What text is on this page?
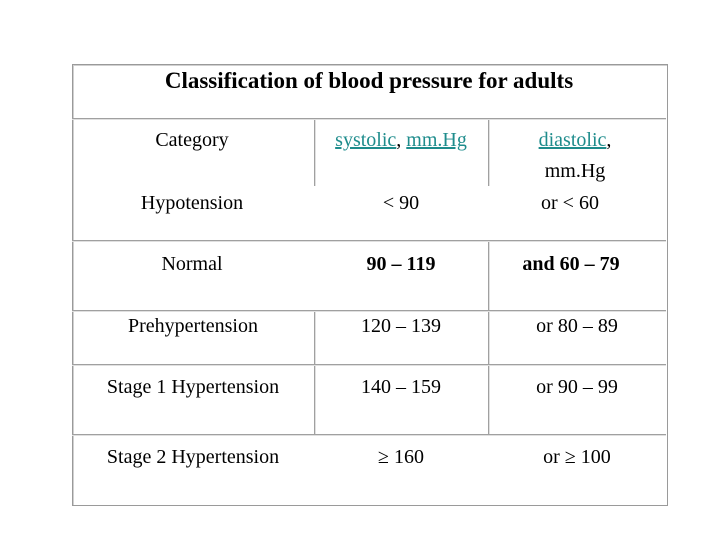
Classification of blood pressure for adults
Category	systolic, mm.Hg	diastolic,
mm.Hg
Hypotension	< 90	or < 60
Normal	90 – 119	and 60 – 79
Prehypertension	120 – 139	or 80 – 89
Stage 1 Hypertension	140 – 159	or 90 – 99
Stage 2 Hypertension	≥ 160	or ≥ 100
